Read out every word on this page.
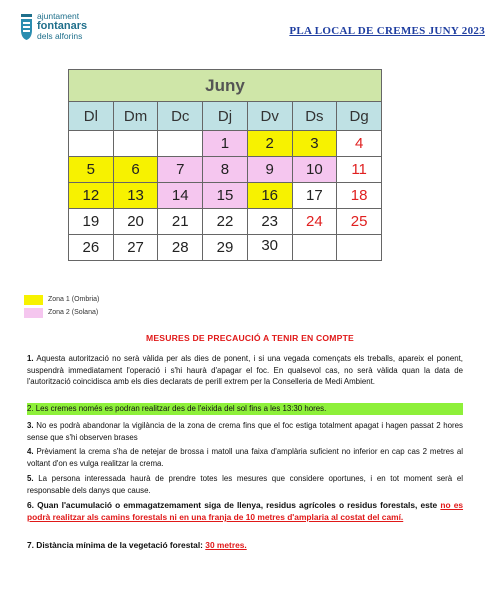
ajuntament
fontanars
dels alforins	PLA LOCAL DE CREMES JUNY 2023
Juny
Dl	Dm	Dc	Dj	Dv	Ds	Dg
			1	2	3	4
5	6	7	8	9	10	11
12	13	14	15	16	17	18
19	20	21	22	23	24	25
26	27	28	29	30		
Zona 1 (Ombria)
Zona 2 (Solana)
MESURES DE PRECAUCIÓ A TENIR EN COMPTE
1. Aquesta autorització no serà vàlida per als dies de ponent, i si una vegada començats els treballs, apareix el ponent, suspendrà immediatament l'operació i s'hi haurà d'apagar el foc. En qualsevol cas, no serà vàlida quan la data de l'autorització coincidisca amb els dies declarats de perill extrem per la Conselleria de Medi Ambient.
2. Les cremes només es podran realitzar des de l'eixida del sol fins a les 13:30 hores.
3. No es podrà abandonar la vigilància de la zona de crema fins que el foc estiga totalment apagat i hagen passat 2 hores sense que s'hi observen brases
4. Prèviament la crema s'ha de netejar de brossa i matoll una faixa d'amplària suficient no inferior en cap cas 2 metres al voltant d'on es vulga realitzar la crema.
5. La persona interessada haurà de prendre totes les mesures que considere oportunes, i en tot moment serà el responsable dels danys que cause.
6. Quan l'acumulació o emmagatzemament siga de llenya, residus agrícoles o residus forestals, este no es podrà realitzar als camins forestals ni en una franja de 10 metres d'amplaria al costat del camí.
7. Distància mínima de la vegetació forestal: 30 metres.
